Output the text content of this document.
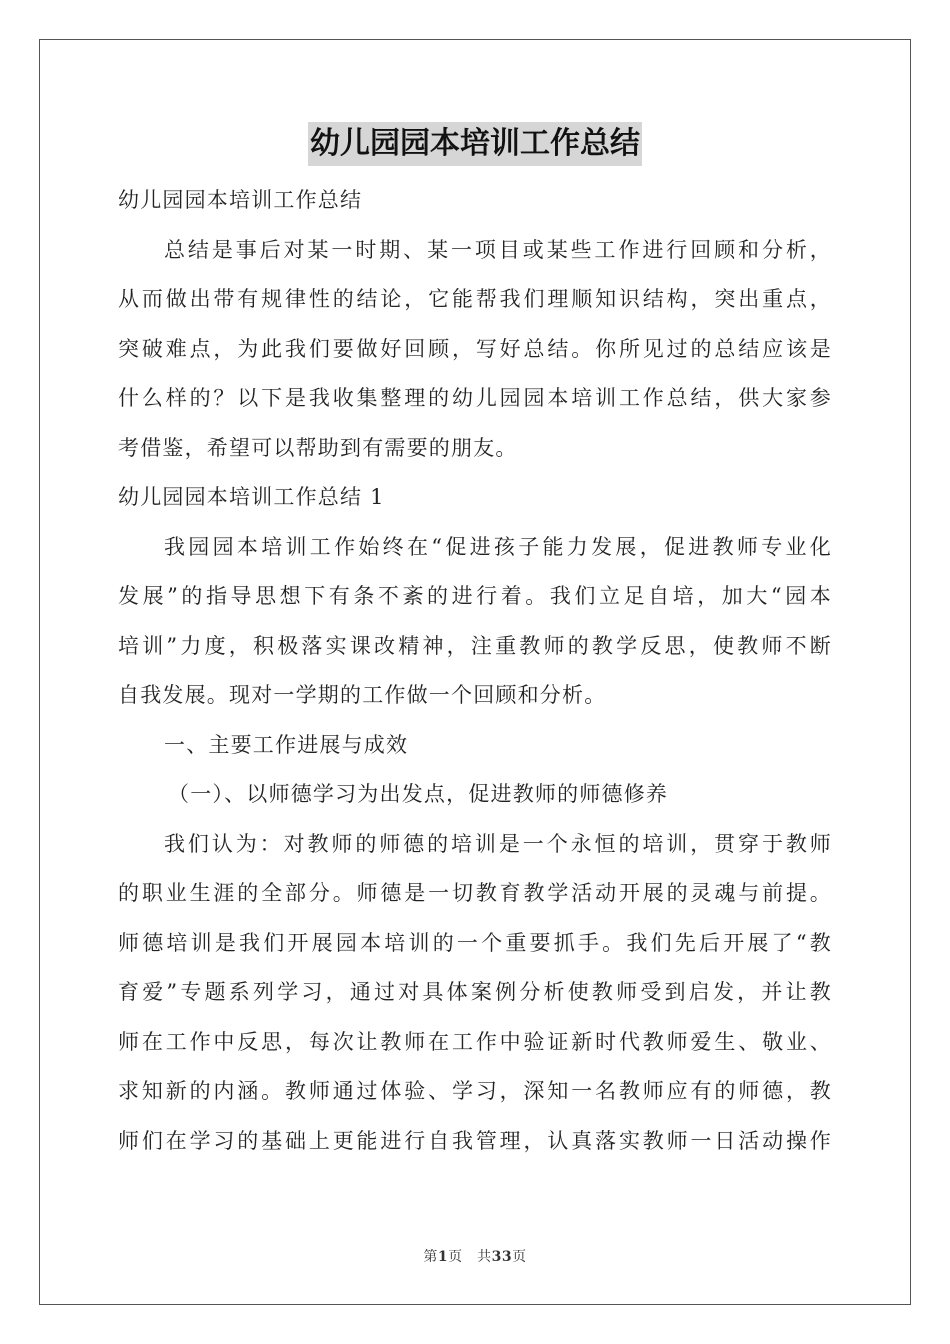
幼儿园园本培训工作总结
幼儿园园本培训工作总结
总结是事后对某一时期、某一项目或某些工作进行回顾和分析，
从而做出带有规律性的结论，它能帮我们理顺知识结构，突出重点，
突破难点，为此我们要做好回顾，写好总结。你所见过的总结应该是
什么样的？以下是我收集整理的幼儿园园本培训工作总结，供大家参
考借鉴，希望可以帮助到有需要的朋友。
幼儿园园本培训工作总结 1
我园园本培训工作始终在“促进孩子能力发展，促进教师专业化
发展”的指导思想下有条不紊的进行着。我们立足自培，加大“园本
培训”力度，积极落实课改精神，注重教师的教学反思，使教师不断
自我发展。现对一学期的工作做一个回顾和分析。
一、主要工作进展与成效
（一）、以师德学习为出发点，促进教师的师德修养
我们认为：对教师的师德的培训是一个永恒的培训，贯穿于教师
的职业生涯的全部分。师德是一切教育教学活动开展的灵魂与前提。
师德培训是我们开展园本培训的一个重要抓手。我们先后开展了“教
育爱”专题系列学习，通过对具体案例分析使教师受到启发，并让教
师在工作中反思，每次让教师在工作中验证新时代教师爱生、敬业、
求知新的内涵。教师通过体验、学习，深知一名教师应有的师德，教
师们在学习的基础上更能进行自我管理，认真落实教师一日活动操作
第1页　共33页
